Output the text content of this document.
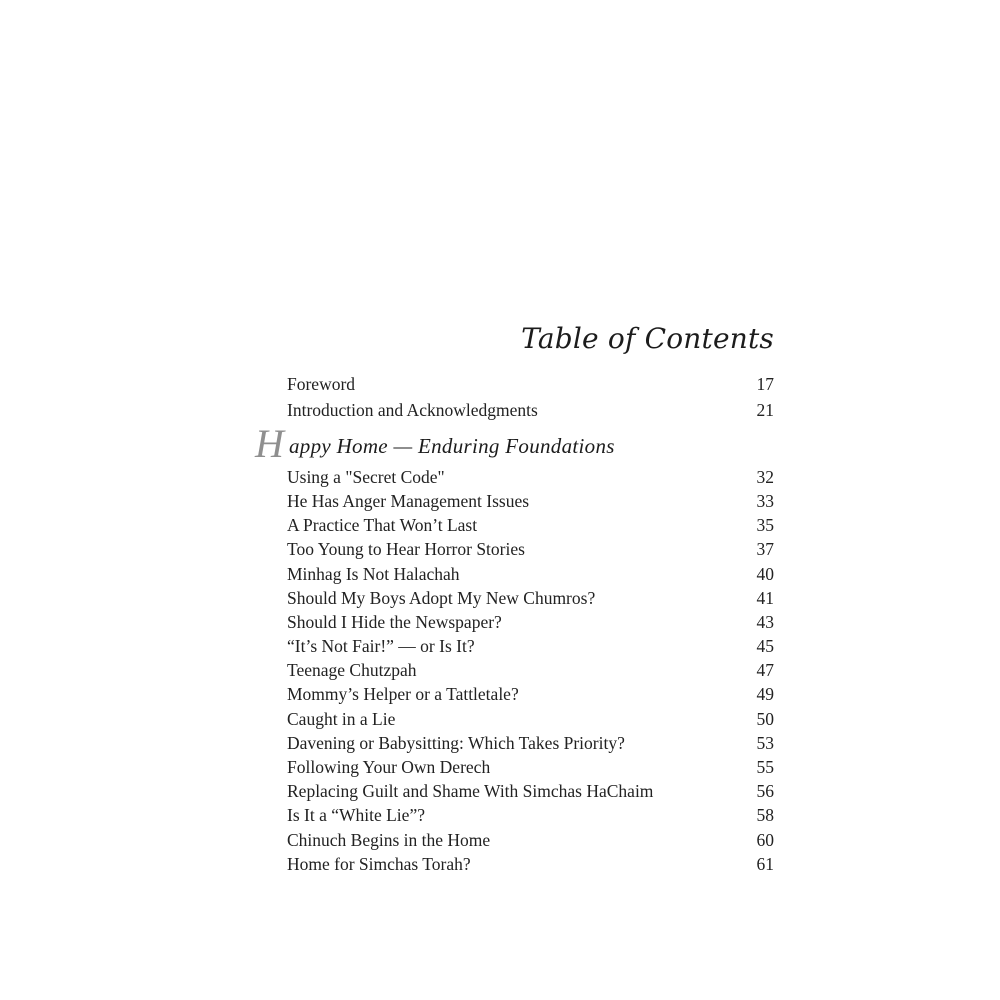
Table of Contents
Foreword	17
Introduction and Acknowledgments	21
H appy Home — Enduring Foundations
Using a "Secret Code"	32
He Has Anger Management Issues	33
A Practice That Won’t Last	35
Too Young to Hear Horror Stories	37
Minhag Is Not Halachah	40
Should My Boys Adopt My New Chumros?	41
Should I Hide the Newspaper?	43
“It’s Not Fair!” — or Is It?	45
Teenage Chutzpah	47
Mommy’s Helper or a Tattletale?	49
Caught in a Lie	50
Davening or Babysitting: Which Takes Priority?	53
Following Your Own Derech	55
Replacing Guilt and Shame With Simchas HaChaim	56
Is It a “White Lie”?	58
Chinuch Begins in the Home	60
Home for Simchas Torah?	61
